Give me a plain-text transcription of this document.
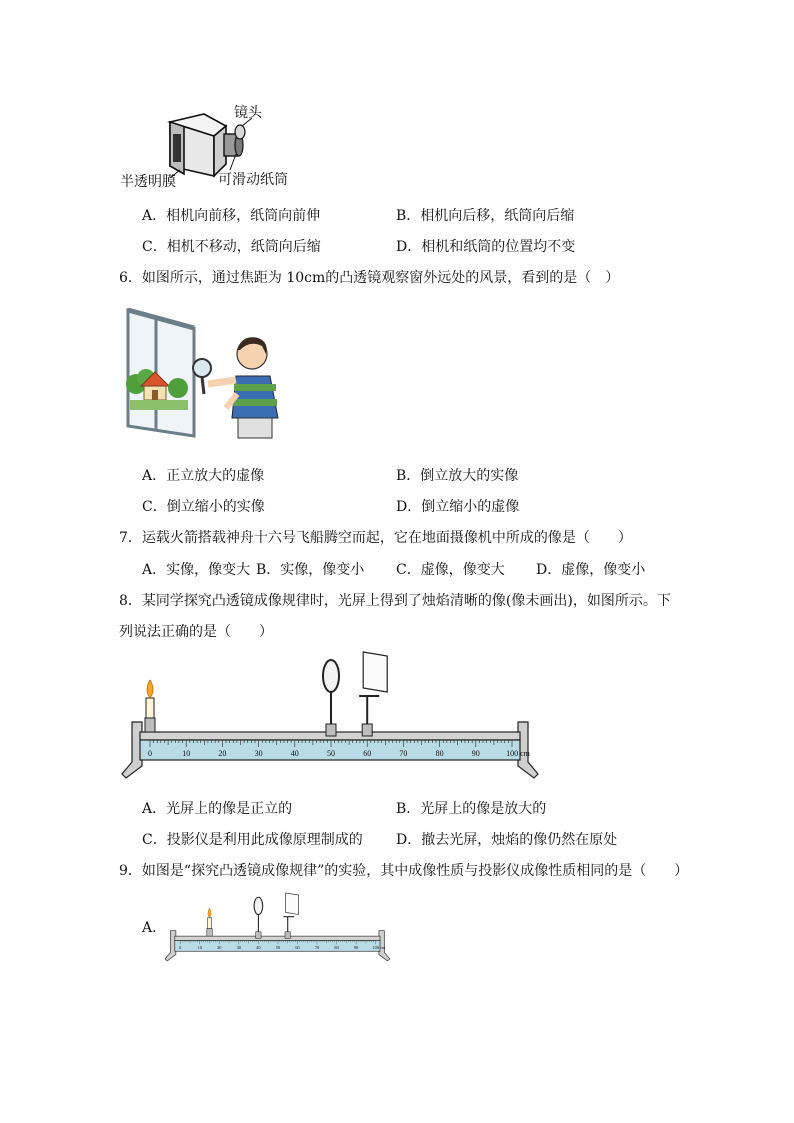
镜头
半透明膜	可滑动纸筒
A．相机向前移，纸筒向前伸	B．相机向后移，纸筒向后缩
C．相机不移动，纸筒向后缩	D．相机和纸筒的位置均不变
6．如图所示，通过焦距为 10cm的凸透镜观察窗外远处的风景，看到的是（　）
A．正立放大的虚像	B．倒立放大的实像
C．倒立缩小的实像	D．倒立缩小的虚像
7．运载火箭搭载神舟十六号飞船腾空而起，它在地面摄像机中所成的像是（　　）
A．实像，像变大 B．实像，像变小 C．虚像，像变大 D．虚像，像变小
8．某同学探究凸透镜成像规律时，光屏上得到了烛焰清晰的像(像未画出)，如图所示。下
列说法正确的是（　　）
0	10	20	30	40	50	60	70	80	90	100 cm
A．光屏上的像是正立的	B．光屏上的像是放大的
C．投影仪是利用此成像原理制成的 D．撤去光屏，烛焰的像仍然在原处
9．如图是“探究凸透镜成像规律”的实验，其中成像性质与投影仪成像性质相同的是（　　）
A．
0	10	20	30	40	50	60	70	80	90	100 cm
